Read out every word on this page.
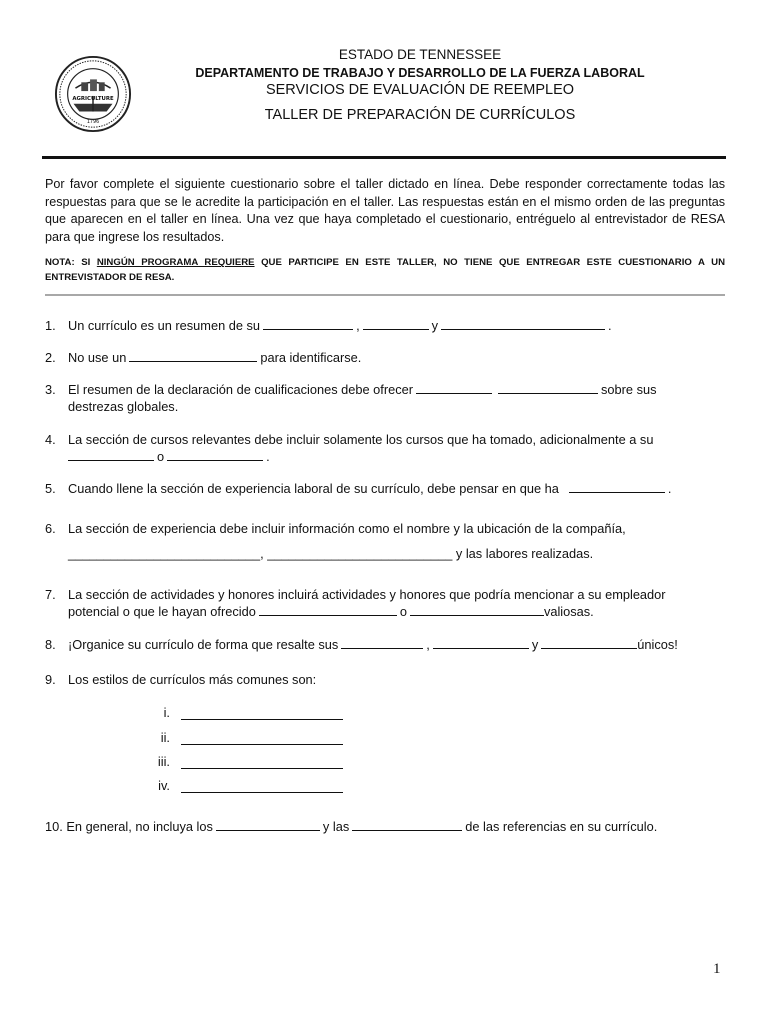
AGRICULTURE
1796
ESTADO DE TENNESSEE
DEPARTAMENTO DE TRABAJO Y DESARROLLO DE LA FUERZA LABORAL
SERVICIOS DE EVALUACIÓN DE REEMPLEO
TALLER DE PREPARACIÓN DE CURRÍCULOS
Por favor complete el siguiente cuestionario sobre el taller dictado en línea. Debe responder correctamente todas las respuestas para que se le acredite la participación en el taller. Las respuestas están en el mismo orden de las preguntas que aparecen en el taller en línea. Una vez que haya completado el cuestionario, entréguelo al entrevistador de RESA para que ingrese los resultados.
NOTA: SI NINGÚN PROGRAMA REQUIERE QUE PARTICIPE EN ESTE TALLER, NO TIENE QUE ENTREGAR ESTE CUESTIONARIO A UN ENTREVISTADOR DE RESA.
1. Un currículo es un resumen de su	,	y	.
2. No use un	para identificarse.
3. El resumen de la declaración de cualificaciones debe ofrecer	sobre sus
destrezas globales.
4. La sección de cursos relevantes debe incluir solamente los cursos que ha tomado, adicionalmente a su
o	.
5. Cuando llene la sección de experiencia laboral de su currículo, debe pensar en que ha	.
6. La sección de experiencia debe incluir información como el nombre y la ubicación de la compañía,
___________________________, __________________________ y las labores realizadas.
7. La sección de actividades y honores incluirá actividades y honores que podría mencionar a su empleador
potencial o que le hayan ofrecido	o	valiosas.
8. ¡Organice su currículo de forma que resalte sus	,	y	únicos!
9. Los estilos de currículos más comunes son:
i.
ii.
iii.
iv.
10. En general, no incluya los	y las	de las referencias en su currículo.
1
